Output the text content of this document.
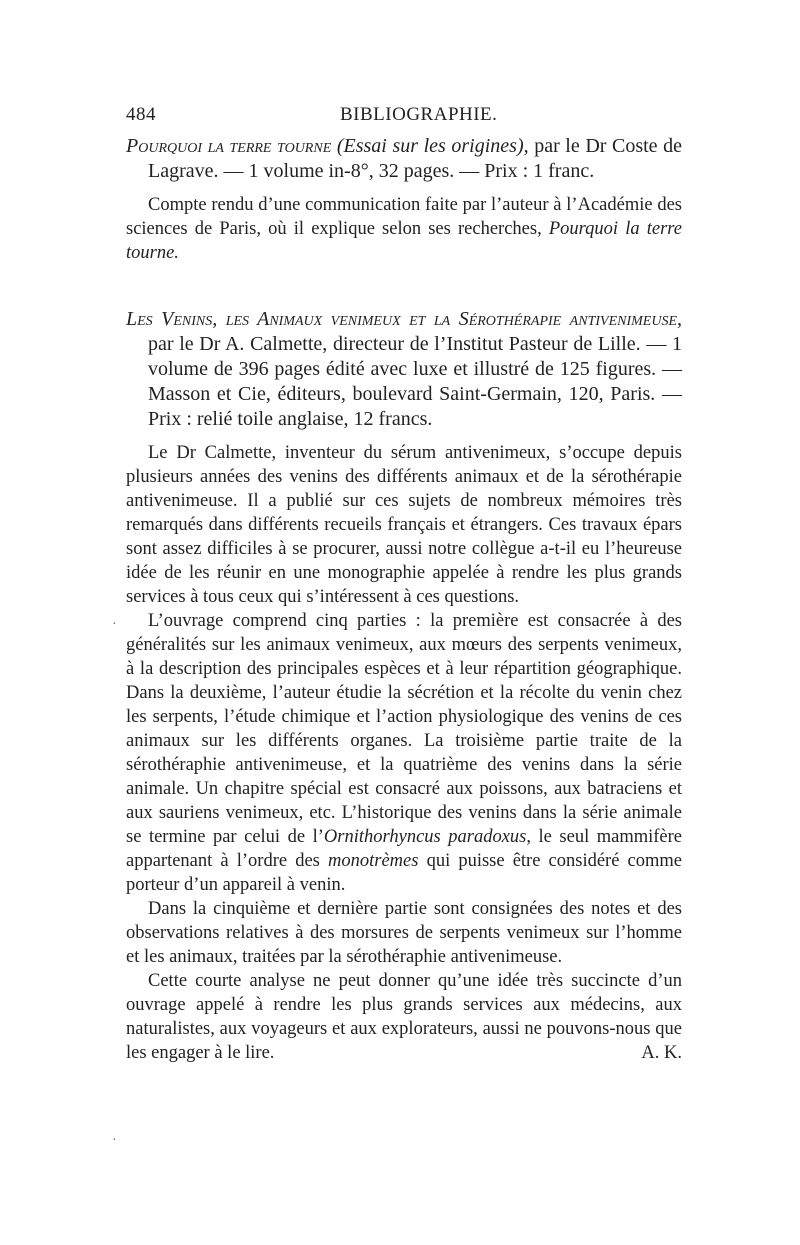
484	BIBLIOGRAPHIE.

Pourquoi la terre tourne (Essai sur les origines), par le Dr Coste de Lagrave. — 1 volume in-8°, 32 pages. — Prix : 1 franc.

Compte rendu d’une communication faite par l’auteur à l’Académie des sciences de Paris, où il explique selon ses recherches, Pourquoi la terre tourne.

Les Venins, les Animaux venimeux et la Sérothérapie antivenimeuse, par le Dr A. Calmette, directeur de l’Institut Pasteur de Lille. — 1 volume de 396 pages édité avec luxe et illustré de 125 figures. — Masson et Cie, éditeurs, boulevard Saint-Germain, 120, Paris. — Prix : relié toile anglaise, 12 francs.

Le Dr Calmette, inventeur du sérum antivenimeux, s’occupe depuis plusieurs années des venins des différents animaux et de la sérothérapie antivenimeuse. Il a publié sur ces sujets de nombreux mémoires très remarqués dans différents recueils français et étrangers. Ces travaux épars sont assez difficiles à se procurer, aussi notre collègue a-t-il eu l’heureuse idée de les réunir en une monographie appelée à rendre les plus grands services à tous ceux qui s’intéressent à ces questions.

L’ouvrage comprend cinq parties : la première est consacrée à des généralités sur les animaux venimeux, aux mœurs des serpents venimeux, à la description des principales espèces et à leur répartition géographique. Dans la deuxième, l’auteur étudie la sécrétion et la récolte du venin chez les serpents, l’étude chimique et l’action physiologique des venins de ces animaux sur les différents organes. La troisième partie traite de la sérothéraphie antivenimeuse, et la quatrième des venins dans la série animale. Un chapitre spécial est consacré aux poissons, aux batraciens et aux sauriens venimeux, etc. L’historique des venins dans la série animale se termine par celui de l’Ornithorhyncus paradoxus, le seul mammifère appartenant à l’ordre des monotrèmes qui puisse être considéré comme porteur d’un appareil à venin.

Dans la cinquième et dernière partie sont consignées des notes et des observations relatives à des morsures de serpents venimeux sur l’homme et les animaux, traitées par la sérothéraphie antivenimeuse.

Cette courte analyse ne peut donner qu’une idée très succincte d’un ouvrage appelé à rendre les plus grands services aux médecins, aux naturalistes, aux voyageurs et aux explorateurs, aussi ne pouvons-nous que les engager à le lire.	A. K.

·
·
